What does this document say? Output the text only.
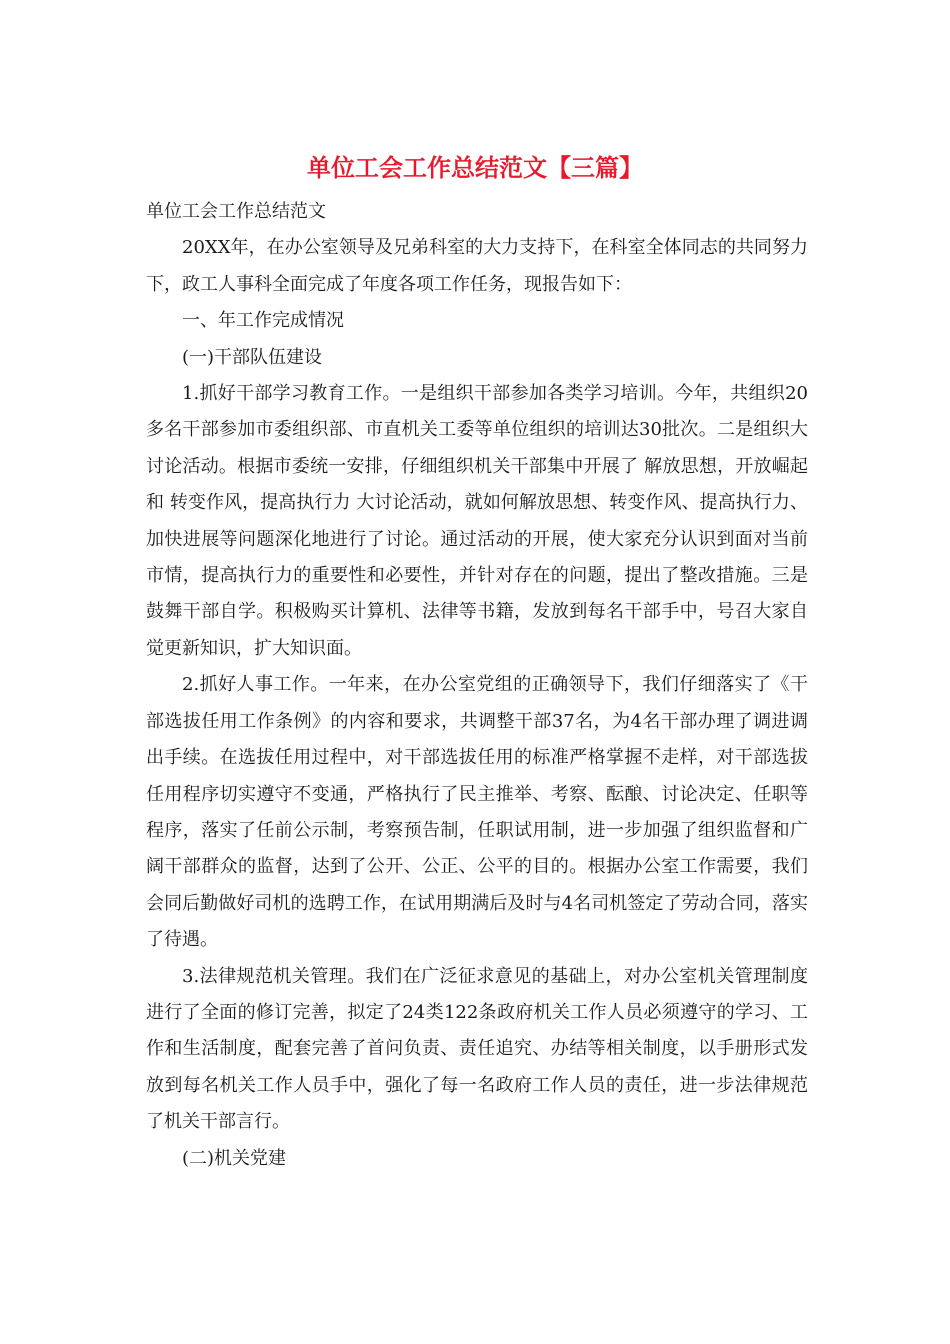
单位工会工作总结范文【三篇】

单位工会工作总结范文

20XX年，在办公室领导及兄弟科室的大力支持下，在科室全体同志的共同努力下，政工人事科全面完成了年度各项工作任务，现报告如下：

一、年工作完成情况

(一)干部队伍建设

1.抓好干部学习教育工作。一是组织干部参加各类学习培训。今年，共组织20多名干部参加市委组织部、市直机关工委等单位组织的培训达30批次。二是组织大讨论活动。根据市委统一安排，仔细组织机关干部集中开展了 解放思想，开放崛起 和 转变作风，提高执行力 大讨论活动，就如何解放思想、转变作风、提高执行力、加快进展等问题深化地进行了讨论。通过活动的开展，使大家充分认识到面对当前市情，提高执行力的重要性和必要性，并针对存在的问题，提出了整改措施。三是鼓舞干部自学。积极购买计算机、法律等书籍，发放到每名干部手中，号召大家自觉更新知识，扩大知识面。

2.抓好人事工作。一年来，在办公室党组的正确领导下，我们仔细落实了《干部选拔任用工作条例》的内容和要求，共调整干部37名，为4名干部办理了调进调出手续。在选拔任用过程中，对干部选拔任用的标准严格掌握不走样，对干部选拔任用程序切实遵守不变通，严格执行了民主推举、考察、酝酿、讨论决定、任职等程序，落实了任前公示制，考察预告制，任职试用制，进一步加强了组织监督和广阔干部群众的监督，达到了公开、公正、公平的目的。根据办公室工作需要，我们会同后勤做好司机的选聘工作，在试用期满后及时与4名司机签定了劳动合同，落实了待遇。

3.法律规范机关管理。我们在广泛征求意见的基础上，对办公室机关管理制度进行了全面的修订完善，拟定了24类122条政府机关工作人员必须遵守的学习、工作和生活制度，配套完善了首问负责、责任追究、办结等相关制度，以手册形式发放到每名机关工作人员手中，强化了每一名政府工作人员的责任，进一步法律规范了机关干部言行。

(二)机关党建
